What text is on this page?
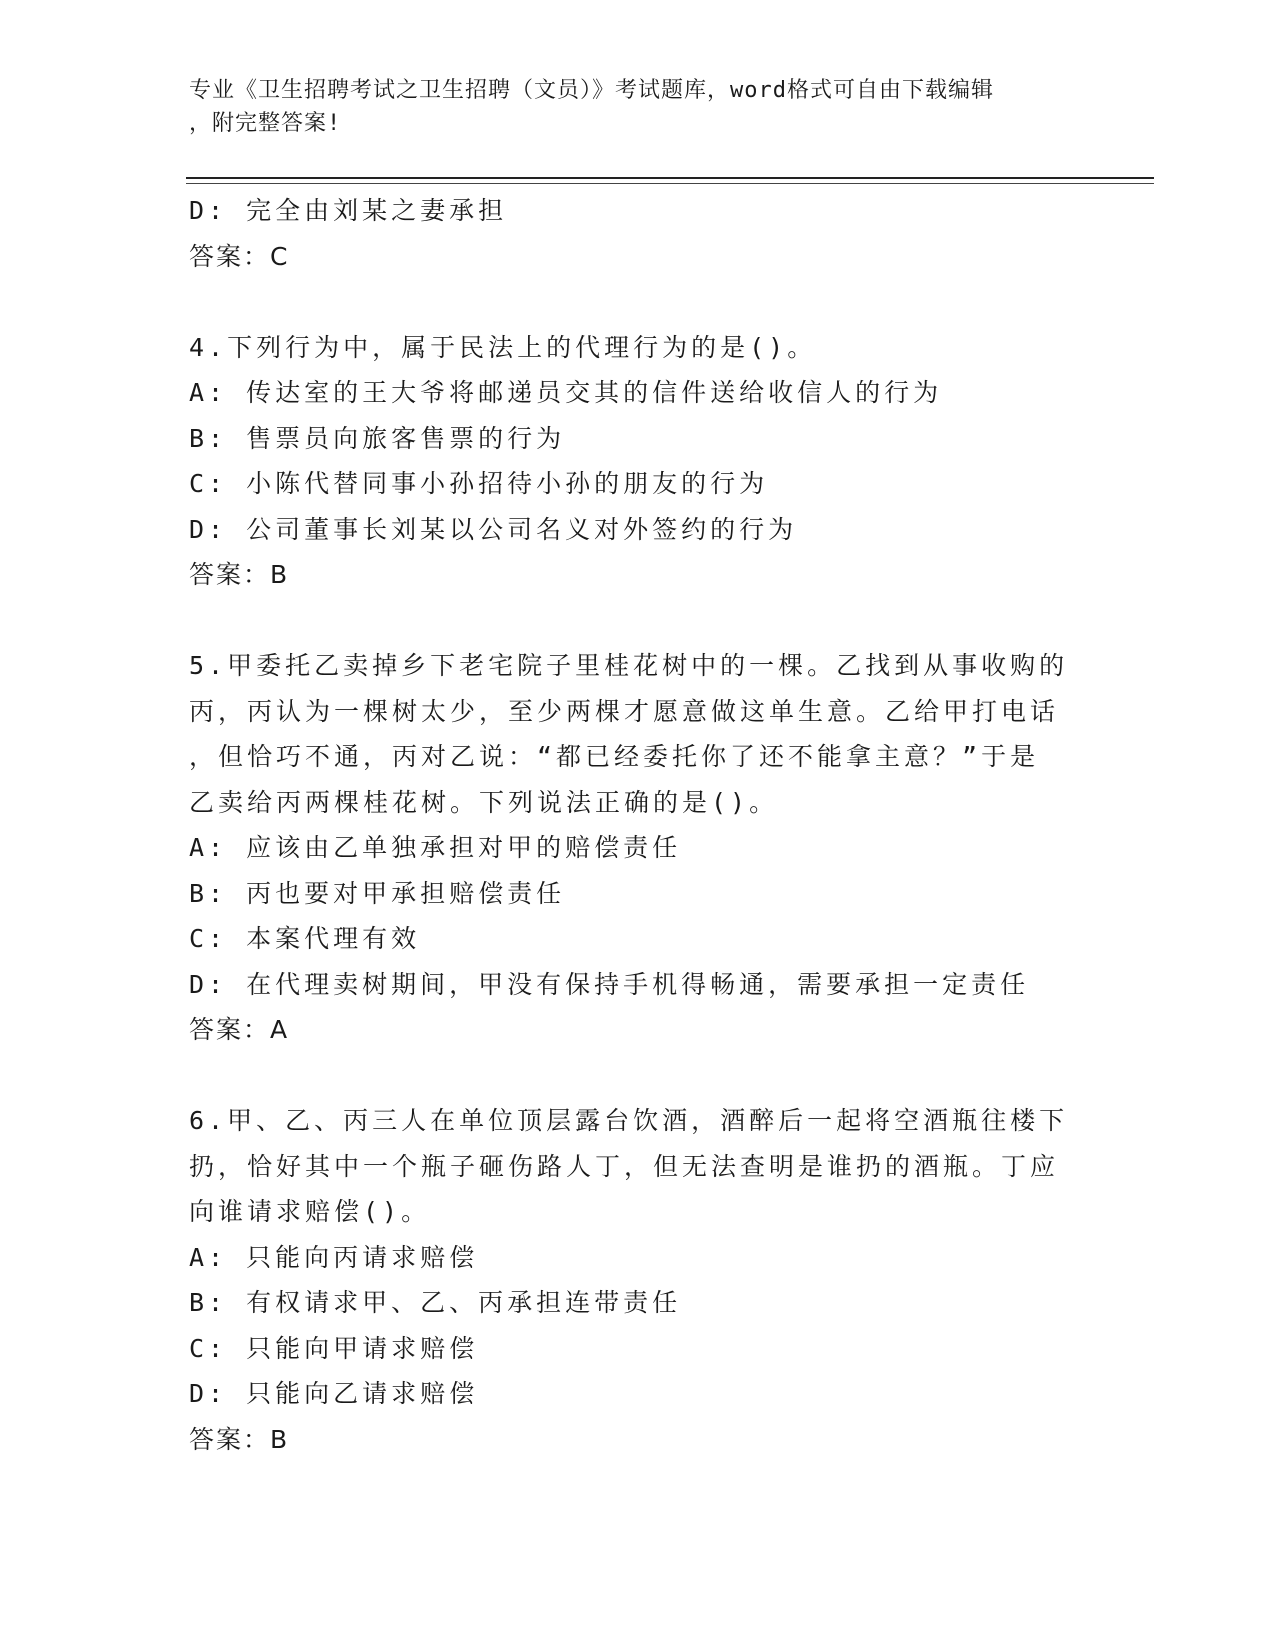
专业《卫生招聘考试之卫生招聘（文员）》考试题库，word格式可自由下载编辑
，附完整答案!
D: 完全由刘某之妻承担
答案：C
4.下列行为中，属于民法上的代理行为的是()。
A: 传达室的王大爷将邮递员交其的信件送给收信人的行为
B: 售票员向旅客售票的行为
C: 小陈代替同事小孙招待小孙的朋友的行为
D: 公司董事长刘某以公司名义对外签约的行为
答案：B
5.甲委托乙卖掉乡下老宅院子里桂花树中的一棵。乙找到从事收购的
丙，丙认为一棵树太少，至少两棵才愿意做这单生意。乙给甲打电话
，但恰巧不通，丙对乙说：“都已经委托你了还不能拿主意？”于是
乙卖给丙两棵桂花树。下列说法正确的是()。
A: 应该由乙单独承担对甲的赔偿责任
B: 丙也要对甲承担赔偿责任
C: 本案代理有效
D: 在代理卖树期间，甲没有保持手机得畅通，需要承担一定责任
答案：A
6.甲、乙、丙三人在单位顶层露台饮酒，酒醉后一起将空酒瓶往楼下
扔，恰好其中一个瓶子砸伤路人丁，但无法查明是谁扔的酒瓶。丁应
向谁请求赔偿()。
A: 只能向丙请求赔偿
B: 有权请求甲、乙、丙承担连带责任
C: 只能向甲请求赔偿
D: 只能向乙请求赔偿
答案：B
